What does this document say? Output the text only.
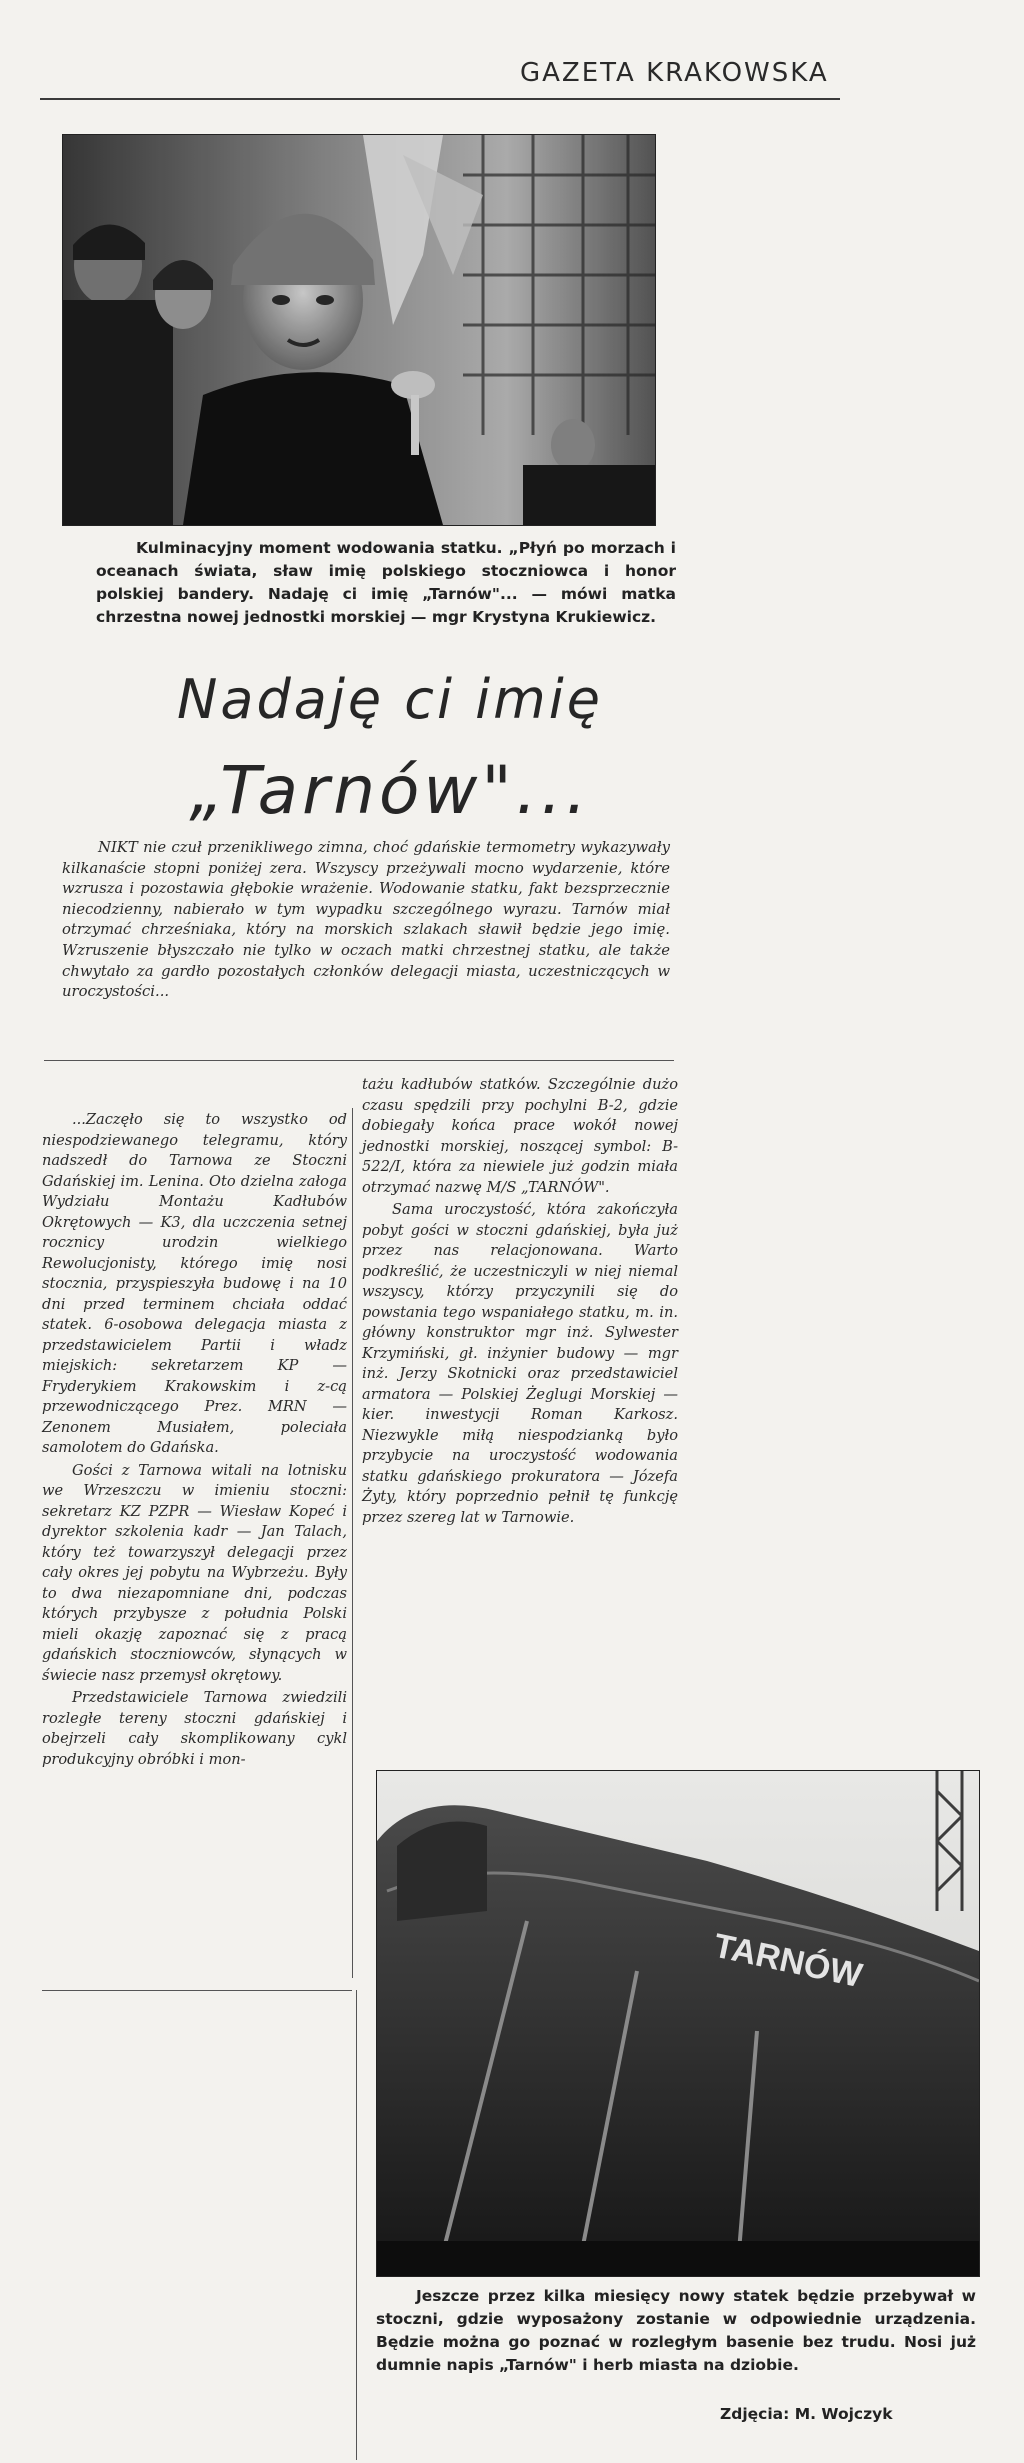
GAZETA KRAKOWSKA
Kulminacyjny moment wodowania statku. „Płyń po morzach i oceanach świata, sław imię polskiego stoczniowca i honor polskiej bandery. Nadaję ci imię „Tarnów"... — mówi matka chrzestna nowej jednostki morskiej — mgr Krystyna Krukiewicz.
Nadaję ci imię
„Tarnów"...
NIKT nie czuł przenikliwego zimna, choć gdańskie termometry wykazywały kilkanaście stopni poniżej zera. Wszyscy przeżywali mocno wydarzenie, które wzrusza i pozostawia głębokie wrażenie. Wodowanie statku, fakt bezsprzecznie niecodzienny, nabierało w tym wypadku szczególnego wyrazu. Tarnów miał otrzymać chrześniaka, który na morskich szlakach sławił będzie jego imię. Wzruszenie błyszczało nie tylko w oczach matki chrzestnej statku, ale także chwytało za gardło pozostałych członków delegacji miasta, uczestniczących w uroczystości...

...Zaczęło się to wszystko od niespodziewanego telegramu, który nadszedł do Tarnowa ze Stoczni Gdańskiej im. Lenina. Oto dzielna załoga Wydziału Montażu Kadłubów Okrętowych — K3, dla uczczenia setnej rocznicy urodzin wielkiego Rewolucjonisty, którego imię nosi stocznia, przyspieszyła budowę i na 10 dni przed terminem chciała oddać statek. 6-osobowa delegacja miasta z przedstawicielem Partii i władz miejskich: sekretarzem KP — Fryderykiem Krakowskim i z-cą przewodniczącego Prez. MRN — Zenonem Musiałem, poleciała samolotem do Gdańska.

Gości z Tarnowa witali na lotnisku we Wrzeszczu w imieniu stoczni: sekretarz KZ PZPR — Wiesław Kopeć i dyrektor szkolenia kadr — Jan Talach, który też towarzyszył delegacji przez cały okres jej pobytu na Wybrzeżu. Były to dwa niezapomniane dni, podczas których przybysze z południa Polski mieli okazję zapoznać się z pracą gdańskich stoczniowców, słynących w świecie nasz przemysł okrętowy.

Przedstawiciele Tarnowa zwiedzili rozległe tereny stoczni gdańskiej i obejrzeli cały skomplikowany cykl produkcyjny obróbki i mon-

tażu kadłubów statków. Szczególnie dużo czasu spędzili przy pochylni B-2, gdzie dobiegały końca prace wokół nowej jednostki morskiej, noszącej symbol: B-522/I, która za niewiele już godzin miała otrzymać nazwę M/S „TARNÓW".

Sama uroczystość, która zakończyła pobyt gości w stoczni gdańskiej, była już przez nas relacjonowana. Warto podkreślić, że uczestniczyli w niej niemal wszyscy, którzy przyczynili się do powstania tego wspaniałego statku, m. in. główny konstruktor mgr inż. Sylwester Krzymiński, gł. inżynier budowy — mgr inż. Jerzy Skotnicki oraz przedstawiciel armatora — Polskiej Żeglugi Morskiej — kier. inwestycji Roman Karkosz. Niezwykle miłą niespodzianką było przybycie na uroczystość wodowania statku gdańskiego prokuratora — Józefa Żyty, który poprzednio pełnił tę funkcję przez szereg lat w Tarnowie.

TARNÓW
Jeszcze przez kilka miesięcy nowy statek będzie przebywał w stoczni, gdzie wyposażony zostanie w odpowiednie urządzenia. Będzie można go poznać w rozległym basenie bez trudu. Nosi już dumnie napis „Tarnów" i herb miasta na dziobie.
Zdjęcia: M. Wojczyk
